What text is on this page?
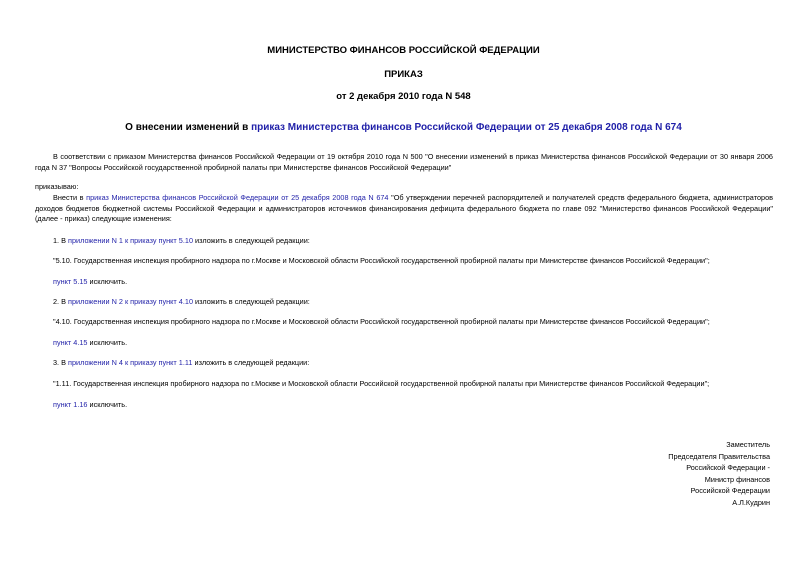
МИНИСТЕРСТВО ФИНАНСОВ РОССИЙСКОЙ ФЕДЕРАЦИИ
ПРИКАЗ
от 2 декабря 2010 года N 548
О внесении изменений в приказ Министерства финансов Российской Федерации от 25 декабря 2008 года N 674
В соответствии с приказом Министерства финансов Российской Федерации от 19 октября 2010 года N 500 "О внесении изменений в приказ Министерства финансов Российской Федерации от 30 января 2006 года N 37 "Вопросы Российской государственной пробирной палаты при Министерстве финансов Российской Федерации"
приказываю:
Внести в приказ Министерства финансов Российской Федерации от 25 декабря 2008 года N 674 "Об утверждении перечней распорядителей и получателей средств федерального бюджета, администраторов доходов бюджетов бюджетной системы Российской Федерации и администраторов источников финансирования дефицита федерального бюджета по главе 092 "Министерство финансов Российской Федерации" (далее - приказ) следующие изменения:
1. В приложении N 1 к приказу пункт 5.10 изложить в следующей редакции:
"5.10. Государственная инспекция пробирного надзора по г.Москве и Московской области Российской государственной пробирной палаты при Министерстве финансов Российской Федерации";
пункт 5.15 исключить.
2. В приложении N 2 к приказу пункт 4.10 изложить в следующей редакции:
"4.10. Государственная инспекция пробирного надзора по г.Москве и Московской области Российской государственной пробирной палаты при Министерстве финансов Российской Федерации";
пункт 4.15 исключить.
3. В приложении N 4 к приказу пункт 1.11 изложить в следующей редакции:
"1.11. Государственная инспекция пробирного надзора по г.Москве и Московской области Российской государственной пробирной палаты при Министерстве финансов Российской Федерации";
пункт 1.16 исключить.
Заместитель
Председателя Правительства
Российской Федерации -
Министр финансов
Российской Федерации
А.Л.Кудрин
